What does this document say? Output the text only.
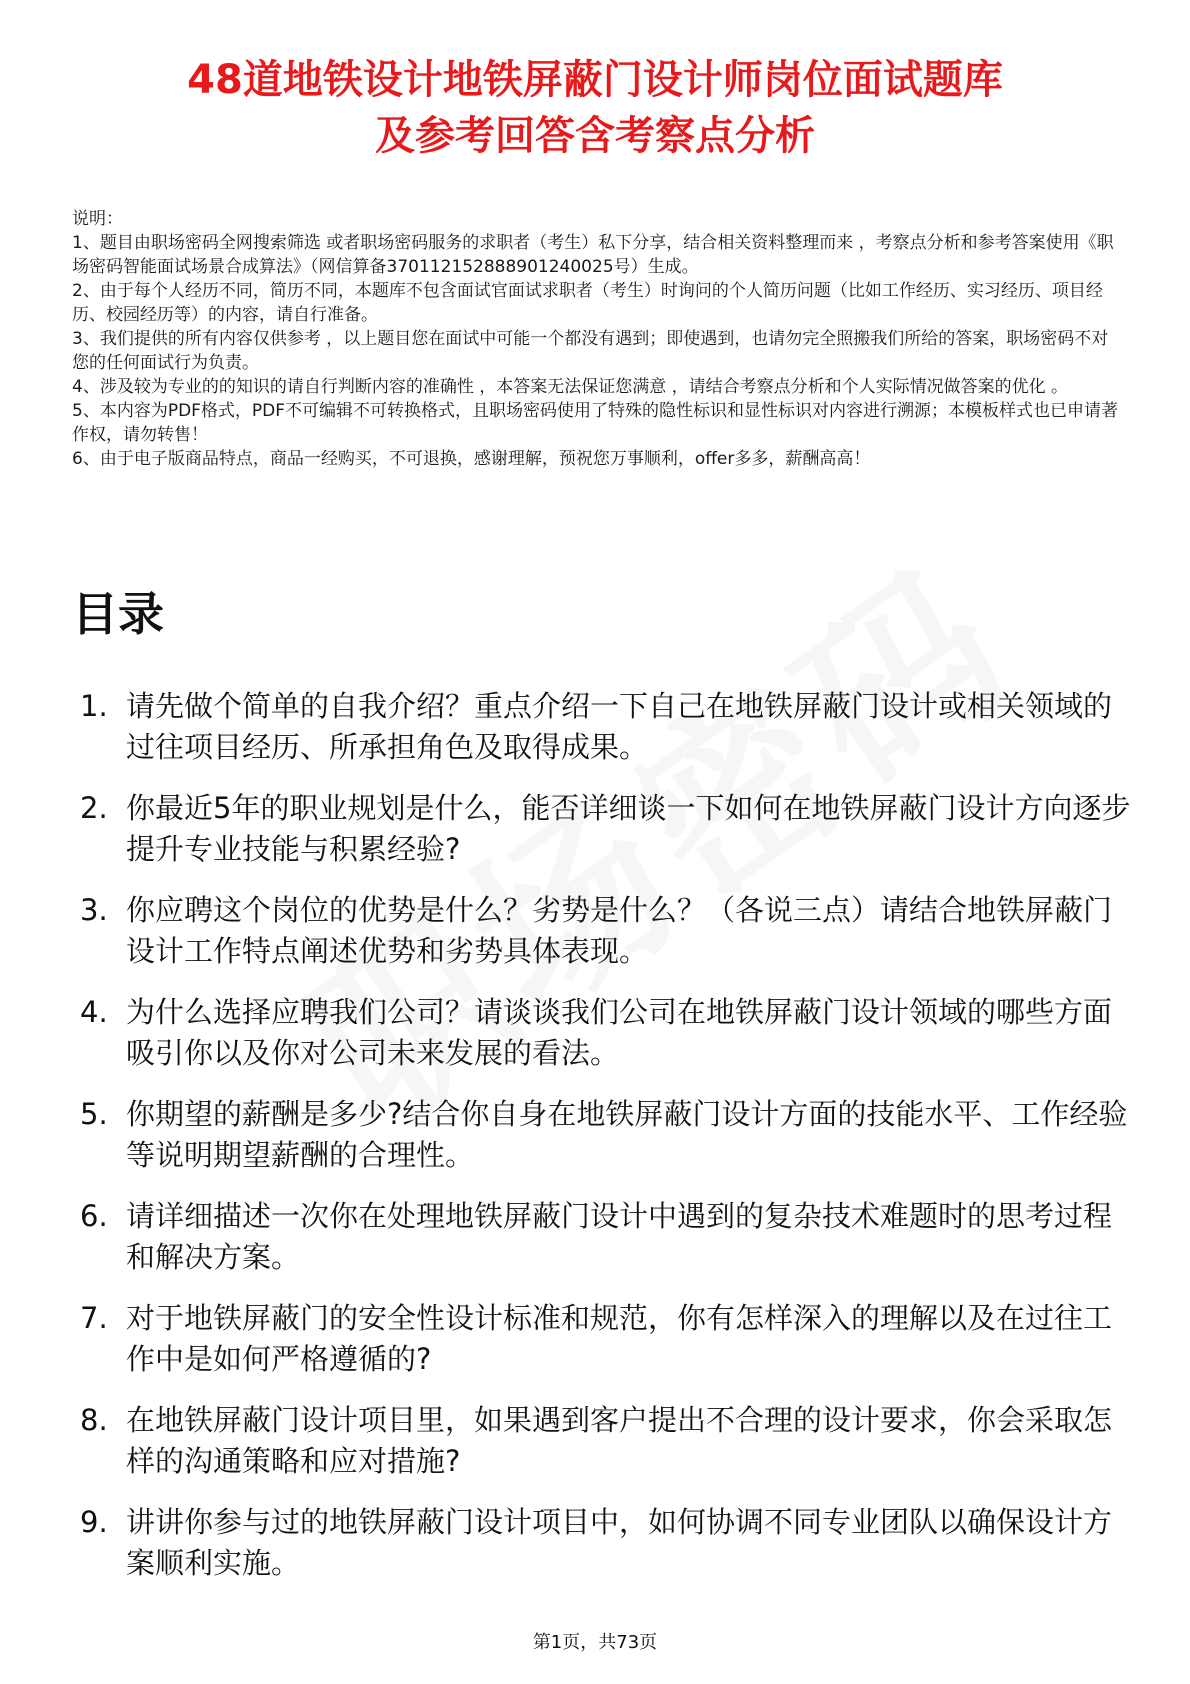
48道地铁设计地铁屏蔽门设计师岗位面试题库
及参考回答含考察点分析

说明：

1、题目由职场密码全网搜索筛选 或者职场密码服务的求职者（考生）私下分享，结合相关资料整理而来 ，考察点分析和参考答案使用《职场密码智能面试场景合成算法》（网信算备370112152888901240025号）生成。

2、由于每个人经历不同，简历不同，本题库不包含面试官面试求职者（考生）时询问的个人简历问题（比如工作经历、实习经历、项目经历、校园经历等）的内容，请自行准备。

3、我们提供的所有内容仅供参考 ，以上题目您在面试中可能一个都没有遇到；即使遇到，也请勿完全照搬我们所给的答案，职场密码不对您的任何面试行为负责。

4、涉及较为专业的的知识的请自行判断内容的准确性 ，本答案无法保证您满意 ，请结合考察点分析和个人实际情况做答案的优化 。

5、本内容为PDF格式，PDF不可编辑不可转换格式，且职场密码使用了特殊的隐性标识和显性标识对内容进行溯源；本模板样式也已申请著作权，请勿转售！

6、由于电子版商品特点，商品一经购买，不可退换，感谢理解，预祝您万事顺利，offer多多，薪酬高高！

目录
1. 请先做个简单的自我介绍？重点介绍一下自己在地铁屏蔽门设计或相关领域的过往项目经历、所承担角色及取得成果。
2. 你最近5年的职业规划是什么，能否详细谈一下如何在地铁屏蔽门设计方向逐步提升专业技能与积累经验?
3. 你应聘这个岗位的优势是什么？劣势是什么？（各说三点）请结合地铁屏蔽门设计工作特点阐述优势和劣势具体表现。
4. 为什么选择应聘我们公司？请谈谈我们公司在地铁屏蔽门设计领域的哪些方面吸引你以及你对公司未来发展的看法。
5. 你期望的薪酬是多少?结合你自身在地铁屏蔽门设计方面的技能水平、工作经验等说明期望薪酬的合理性。
6. 请详细描述一次你在处理地铁屏蔽门设计中遇到的复杂技术难题时的思考过程和解决方案。
7. 对于地铁屏蔽门的安全性设计标准和规范，你有怎样深入的理解以及在过往工作中是如何严格遵循的?
8. 在地铁屏蔽门设计项目里，如果遇到客户提出不合理的设计要求，你会采取怎样的沟通策略和应对措施?
9. 讲讲你参与过的地铁屏蔽门设计项目中，如何协调不同专业团队以确保设计方案顺利实施。
第1页，共73页
